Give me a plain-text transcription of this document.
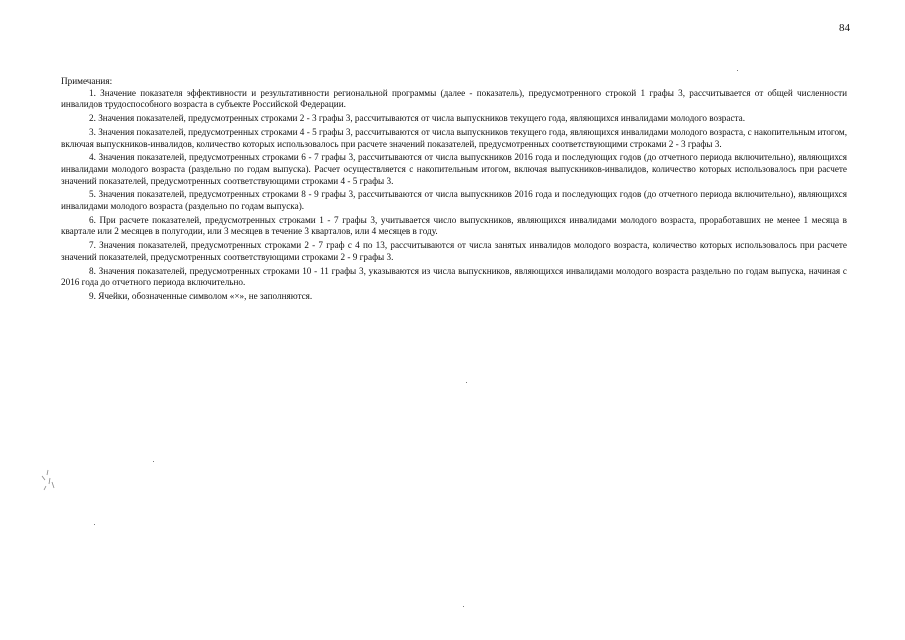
84

Примечания:

1. Значение показателя эффективности и результативности региональной программы (далее - показатель), предусмотренного строкой 1 графы 3, рассчитывается от общей численности инвалидов трудоспособного возраста в субъекте Российской Федерации.

2. Значения показателей, предусмотренных строками 2 - 3 графы 3, рассчитываются от числа выпускников текущего года, являющихся инвалидами молодого возраста.

3. Значения показателей, предусмотренных строками 4 - 5 графы 3, рассчитываются от числа выпускников текущего года, являющихся инвалидами молодого возраста, с накопительным итогом, включая выпускников-инвалидов, количество которых использовалось при расчете значений показателей, предусмотренных соответствующими строками 2 - 3 графы 3.

4. Значения показателей, предусмотренных строками 6 - 7 графы 3, рассчитываются от числа выпускников 2016 года и последующих годов (до отчетного периода включительно), являющихся инвалидами молодого возраста (раздельно по годам выпуска). Расчет осуществляется с накопительным итогом, включая выпускников-инвалидов, количество которых использовалось при расчете значений показателей, предусмотренных соответствующими строками 4 - 5 графы 3.

5. Значения показателей, предусмотренных строками 8 - 9 графы 3, рассчитываются от числа выпускников 2016 года и последующих годов (до отчетного периода включительно), являющихся инвалидами молодого возраста (раздельно по годам выпуска).

6. При расчете показателей, предусмотренных строками 1 - 7 графы 3, учитывается число выпускников, являющихся инвалидами молодого возраста, проработавших не менее 1 месяца в квартале или 2 месяцев в полугодии, или 3 месяцев в течение 3 кварталов, или 4 месяцев в году.

7. Значения показателей, предусмотренных строками 2 - 7 граф с 4 по 13, рассчитываются от числа занятых инвалидов молодого возраста, количество которых использовалось при расчете значений показателей, предусмотренных соответствующими строками 2 - 9 графы 3.

8. Значения показателей, предусмотренных строками 10 - 11 графы 3, указываются из числа выпускников, являющихся инвалидами молодого возраста раздельно по годам выпуска, начиная с 2016 года до отчетного периода включительно.

9. Ячейки, обозначенные символом «×», не заполняются.
